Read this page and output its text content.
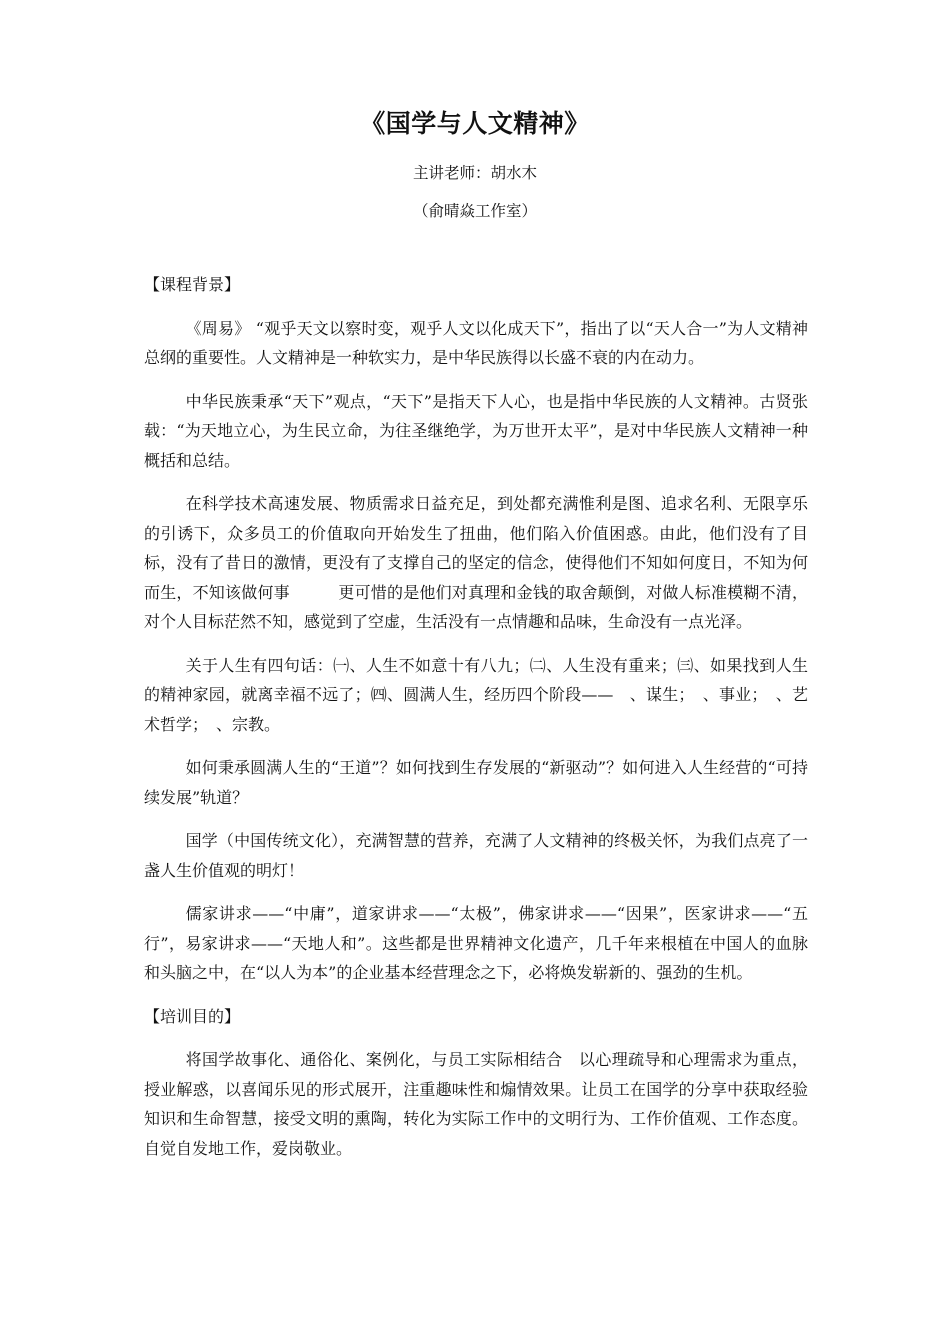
《国学与人文精神》
主讲老师：胡水木
（俞晴焱工作室）
【课程背景】

《周易》 “观乎天文以察时变，观乎人文以化成天下”，指出了以“天人合一”为人文精神总纲的重要性。人文精神是一种软实力，是中华民族得以长盛不衰的内在动力。

中华民族秉承“天下”观点，“天下”是指天下人心，也是指中华民族的人文精神。古贤张载：“为天地立心，为生民立命，为往圣继绝学，为万世开太平”，是对中华民族人文精神一种概括和总结。

在科学技术高速发展、物质需求日益充足，到处都充满惟利是图、追求名利、无限享乐的引诱下，众多员工的价值取向开始发生了扭曲，他们陷入价值困惑。由此，他们没有了目标，没有了昔日的激情，更没有了支撑自己的坚定的信念，使得他们不知如何度日，不知为何而生，不知该做何事　　　更可惜的是他们对真理和金钱的取舍颠倒，对做人标准模糊不清，对个人目标茫然不知，感觉到了空虚，生活没有一点情趣和品味，生命没有一点光泽。

关于人生有四句话：㈠、人生不如意十有八九；㈡、人生没有重来；㈢、如果找到人生的精神家园，就离幸福不远了；㈣、圆满人生，经历四个阶段——　、谋生；　、事业；　、艺术哲学；　、宗教。

如何秉承圆满人生的“王道”？如何找到生存发展的“新驱动”？如何进入人生经营的“可持续发展”轨道？

国学（中国传统文化），充满智慧的营养，充满了人文精神的终极关怀，为我们点亮了一盏人生价值观的明灯！

儒家讲求——“中庸”，道家讲求——“太极”，佛家讲求——“因果”，医家讲求——“五行”，易家讲求——“天地人和”。这些都是世界精神文化遗产，几千年来根植在中国人的血脉和头脑之中，在“以人为本”的企业基本经营理念之下，必将焕发崭新的、强劲的生机。

【培训目的】

将国学故事化、通俗化、案例化，与员工实际相结合　以心理疏导和心理需求为重点，授业解惑，以喜闻乐见的形式展开，注重趣味性和煽情效果。让员工在国学的分享中获取经验知识和生命智慧，接受文明的熏陶，转化为实际工作中的文明行为、工作价值观、工作态度。自觉自发地工作，爱岗敬业。
